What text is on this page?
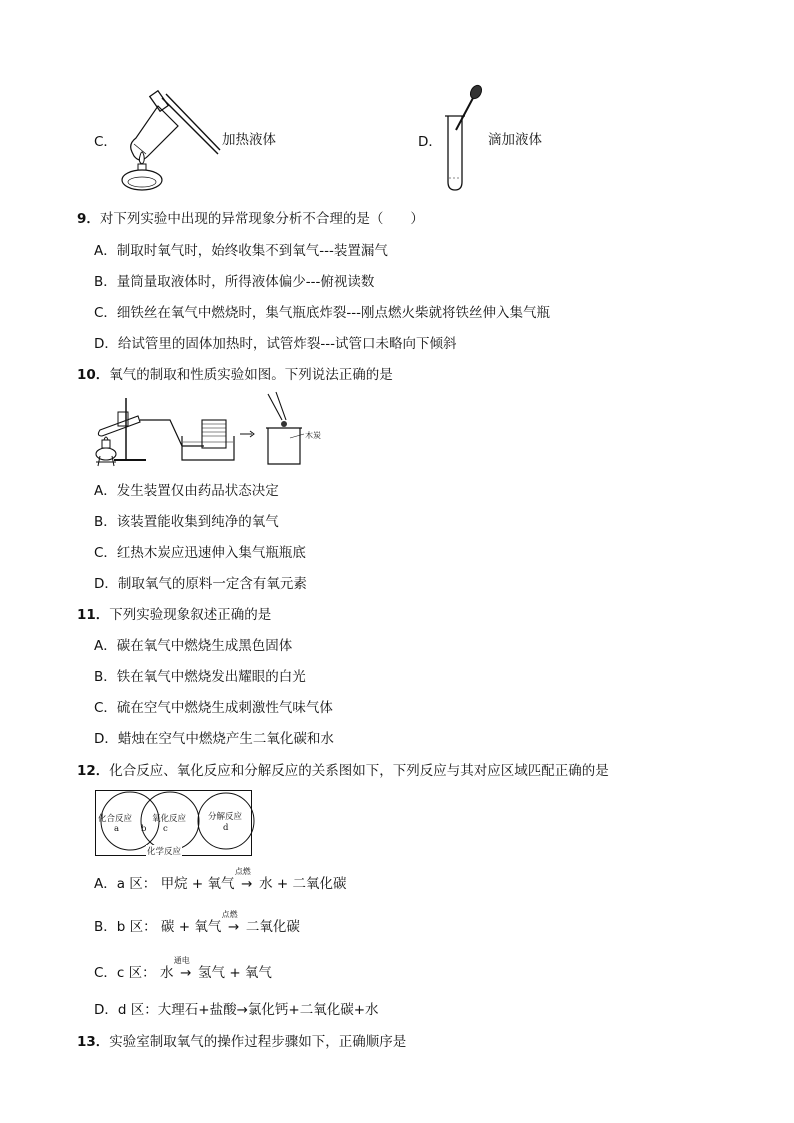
C．	加热液体	D．	滴加液体
9．对下列实验中出现的异常现象分析不合理的是（　　）
A．制取时氧气时，始终收集不到氧气---装置漏气
B．量筒量取液体时，所得液体偏少---俯视读数
C．细铁丝在氧气中燃烧时，集气瓶底炸裂---刚点燃火柴就将铁丝伸入集气瓶
D．给试管里的固体加热时，试管炸裂---试管口未略向下倾斜
10．氧气的制取和性质实验如图。下列说法正确的是
木炭
A．发生装置仅由药品状态决定
B．该装置能收集到纯净的氧气
C．红热木炭应迅速伸入集气瓶瓶底
D．制取氧气的原料一定含有氧元素
11．下列实验现象叙述正确的是
A．碳在氧气中燃烧生成黑色固体
B．铁在氧气中燃烧发出耀眼的白光
C．硫在空气中燃烧生成刺激性气味气体
D．蜡烛在空气中燃烧产生二氧化碳和水
12．化合反应、氧化反应和分解反应的关系图如下，下列反应与其对应区域匹配正确的是
化合反应 氧化反应	分解反应
a	b c	d
化学反应
A．a 区： 甲烷 + 氧气
点燃
→ 水 + 二氧化碳
B．b 区： 碳 + 氧气
点燃
→ 二氧化碳
C．c 区： 水
通电
→ 氢气 + 氧气
D．d 区：大理石+盐酸→氯化钙+二氧化碳+水
13．实验室制取氧气的操作过程步骤如下，正确顺序是
